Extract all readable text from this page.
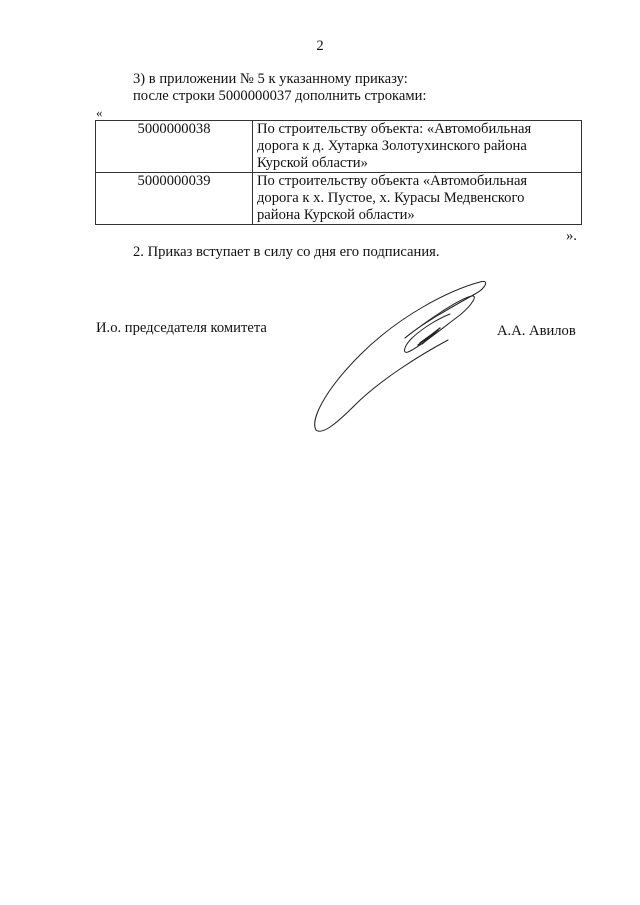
2
3) в приложении № 5 к указанному приказу:
после строки 5000000037 дополнить строками:
«
5000000038	По строительству объекта: «Автомобильная
дорога к д. Хутарка Золотухинского района
Курской области»

5000000039	По строительству объекта «Автомобильная
дорога к х. Пустое, х. Курасы Медвенского
района Курской области»
».
2. Приказ вступает в силу со дня его подписания.
И.о. председателя комитета	А.А. Авилов
